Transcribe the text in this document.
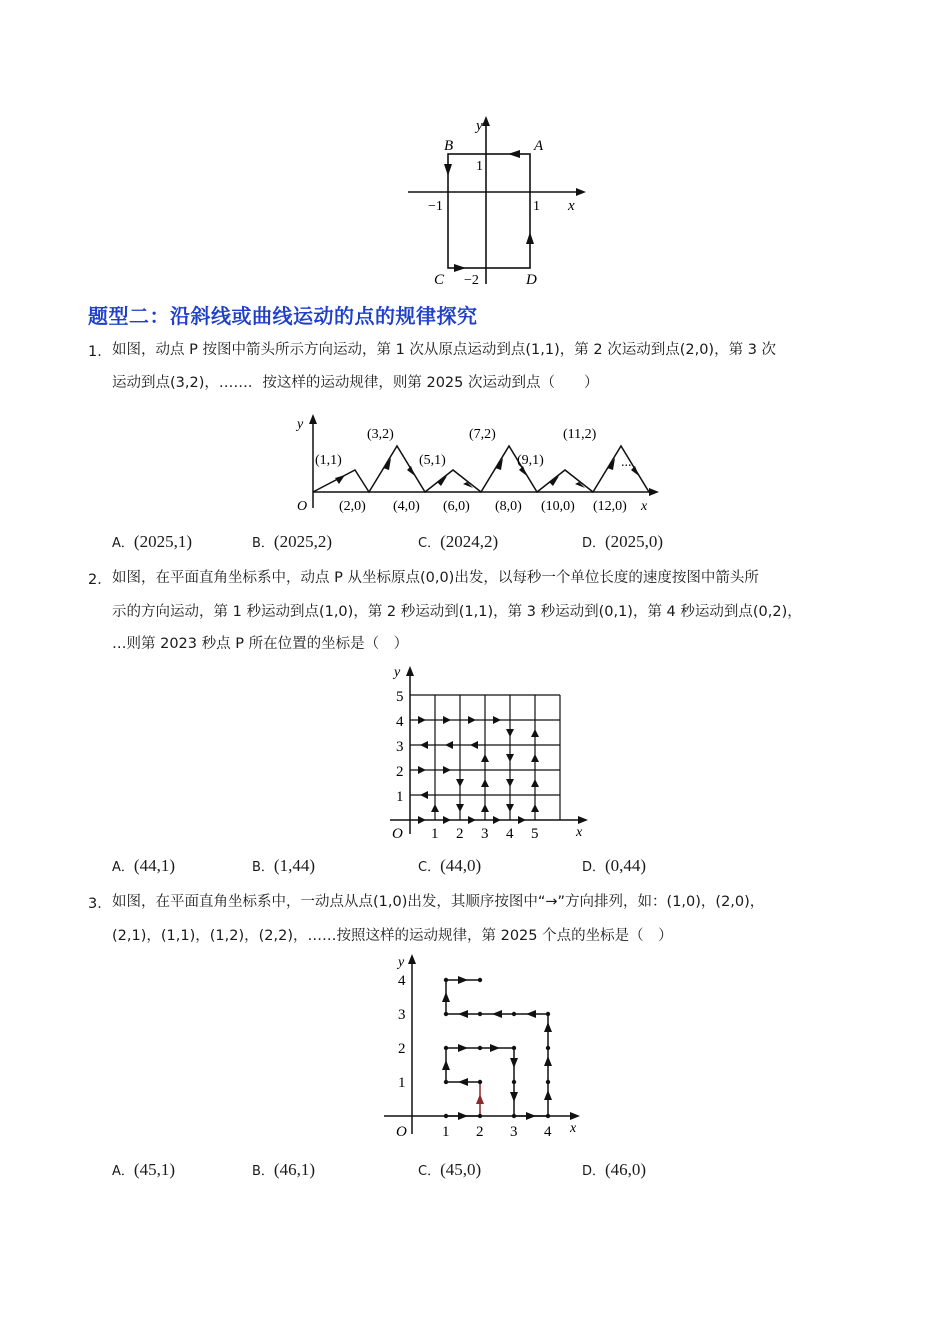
y
x
A
B
C	D
1
−1	1
−2
题型二：沿斜线或曲线运动的点的规律探究
1． 如图，动点 P 按图中箭头所示方向运动，第 1 次从原点运动到点(1,1)，第 2 次运动到点(2,0)，第 3 次
运动到点(3,2)，……．按这样的运动规律，则第 2025 次运动到点（　　）
y
x
O
(1,1)
(3,2)
(5,1)
(7,2)
(9,1)
(11,2)
(2,0) (4,0) (6,0) (8,0) (10,0) (12,0)
...
A．(2025,1)	B．(2025,2)	C．(2024,2)	D．(2025,0)
2． 如图，在平面直角坐标系中，动点 P 从坐标原点(0,0)出发，以每秒一个单位长度的速度按图中箭头所
示的方向运动，第 1 秒运动到点(1,0)，第 2 秒运动到(1,1)，第 3 秒运动到(0,1)，第 4 秒运动到点(0,2)，
…则第 2023 秒点 P 所在位置的坐标是（　）
y
x
O 1 2 3 4 5
1
2
3
4
5
A．(44,1)	B．(1,44)	C．(44,0)	D．(0,44)
3． 如图，在平面直角坐标系中，一动点从点(1,0)出发，其顺序按图中“→”方向排列，如：(1,0)，(2,0)，
(2,1)，(1,1)，(1,2)，(2,2)，……按照这样的运动规律，第 2025 个点的坐标是（　）
y
x
O 1 2 3 4
1
2
3
4
A．(45,1)	B．(46,1)	C．(45,0)	D．(46,0)
